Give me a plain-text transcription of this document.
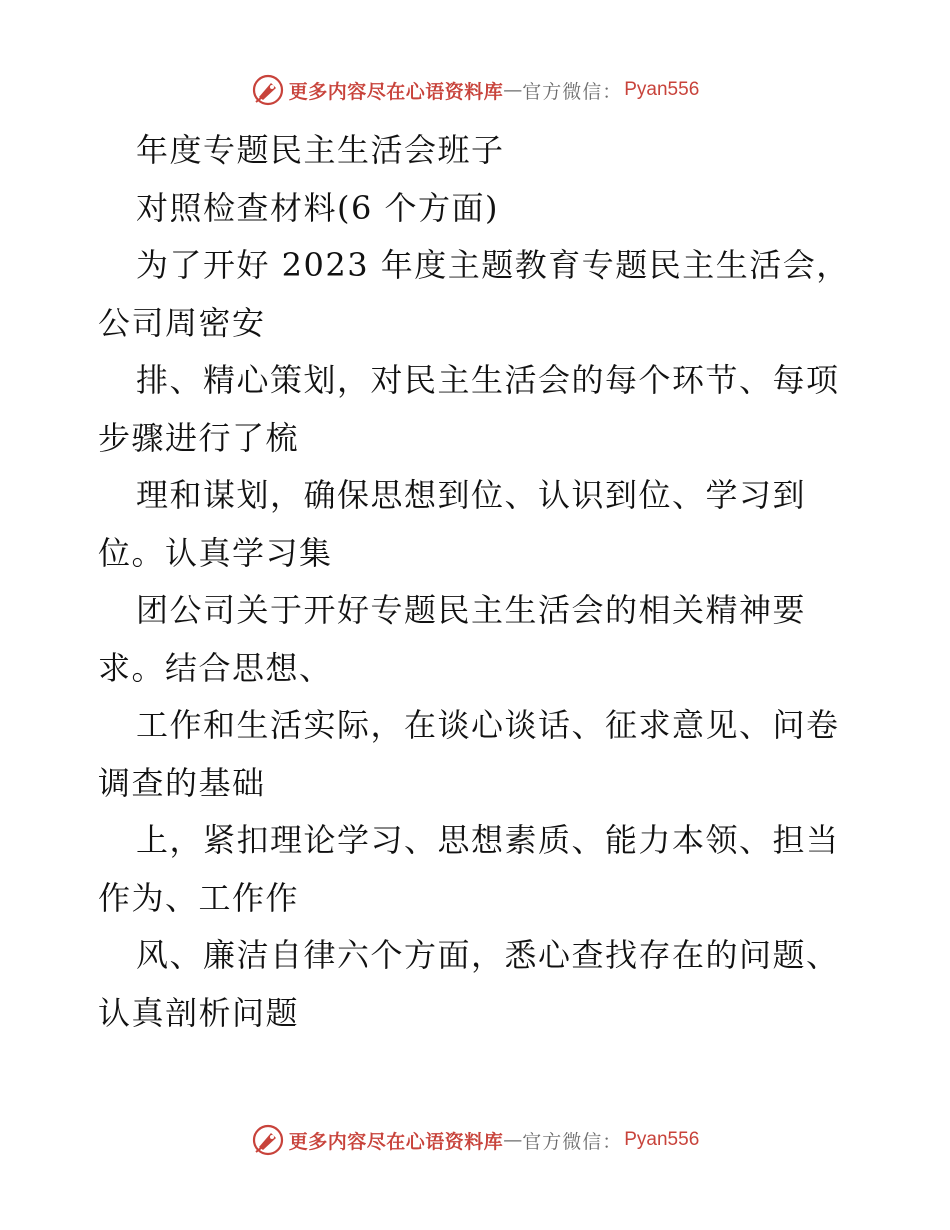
更多内容尽在心语资料库 — 官方微信： Pyan556
年度专题民主生活会班子
对照检查材料(6 个方面)
为了开好 2023 年度主题教育专题民主生活会，
公司周密安
排、精心策划，对民主生活会的每个环节、每项
步骤进行了梳
理和谋划，确保思想到位、认识到位、学习到
位。认真学习集
团公司关于开好专题民主生活会的相关精神要
求。结合思想、
工作和生活实际，在谈心谈话、征求意见、问卷
调查的基础
上，紧扣理论学习、思想素质、能力本领、担当
作为、工作作
风、廉洁自律六个方面，悉心查找存在的问题、
认真剖析问题
更多内容尽在心语资料库 — 官方微信： Pyan556
